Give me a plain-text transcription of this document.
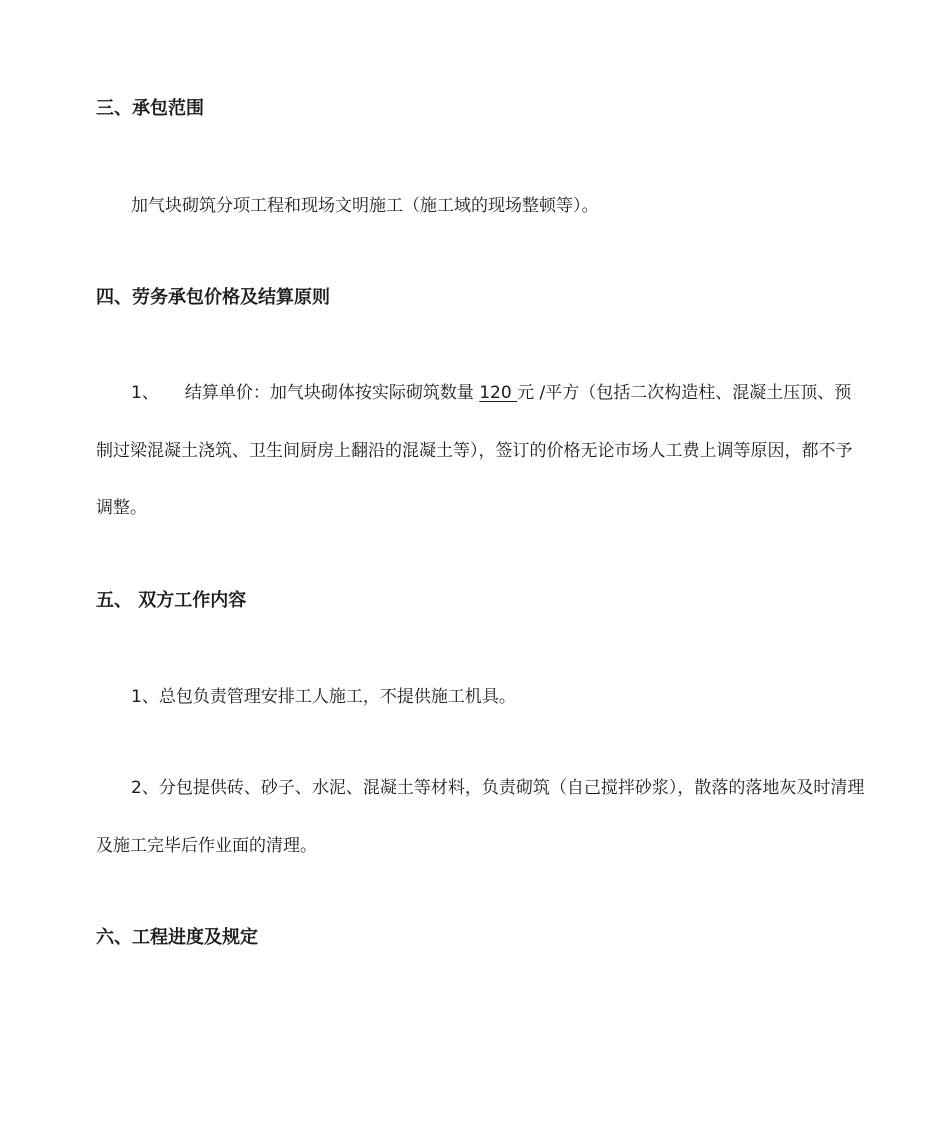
三、承包范围

加气块砌筑分项工程和现场文明施工（施工域的现场整顿等）。

四、劳务承包价格及结算原则

1、 结算单价：加气块砌体按实际砌筑数量 120 元 /平方（包括二次构造柱、混凝土压顶、预制过梁混凝土浇筑、卫生间厨房上翻沿的混凝土等），签订的价格无论市场人工费上调等原因，都不予调整。

五、 双方工作内容

1、总包负责管理安排工人施工，不提供施工机具。

2、分包提供砖、砂子、水泥、混凝土等材料，负责砌筑（自己搅拌砂浆），散落的落地灰及时清理及施工完毕后作业面的清理。

六、工程进度及规定
